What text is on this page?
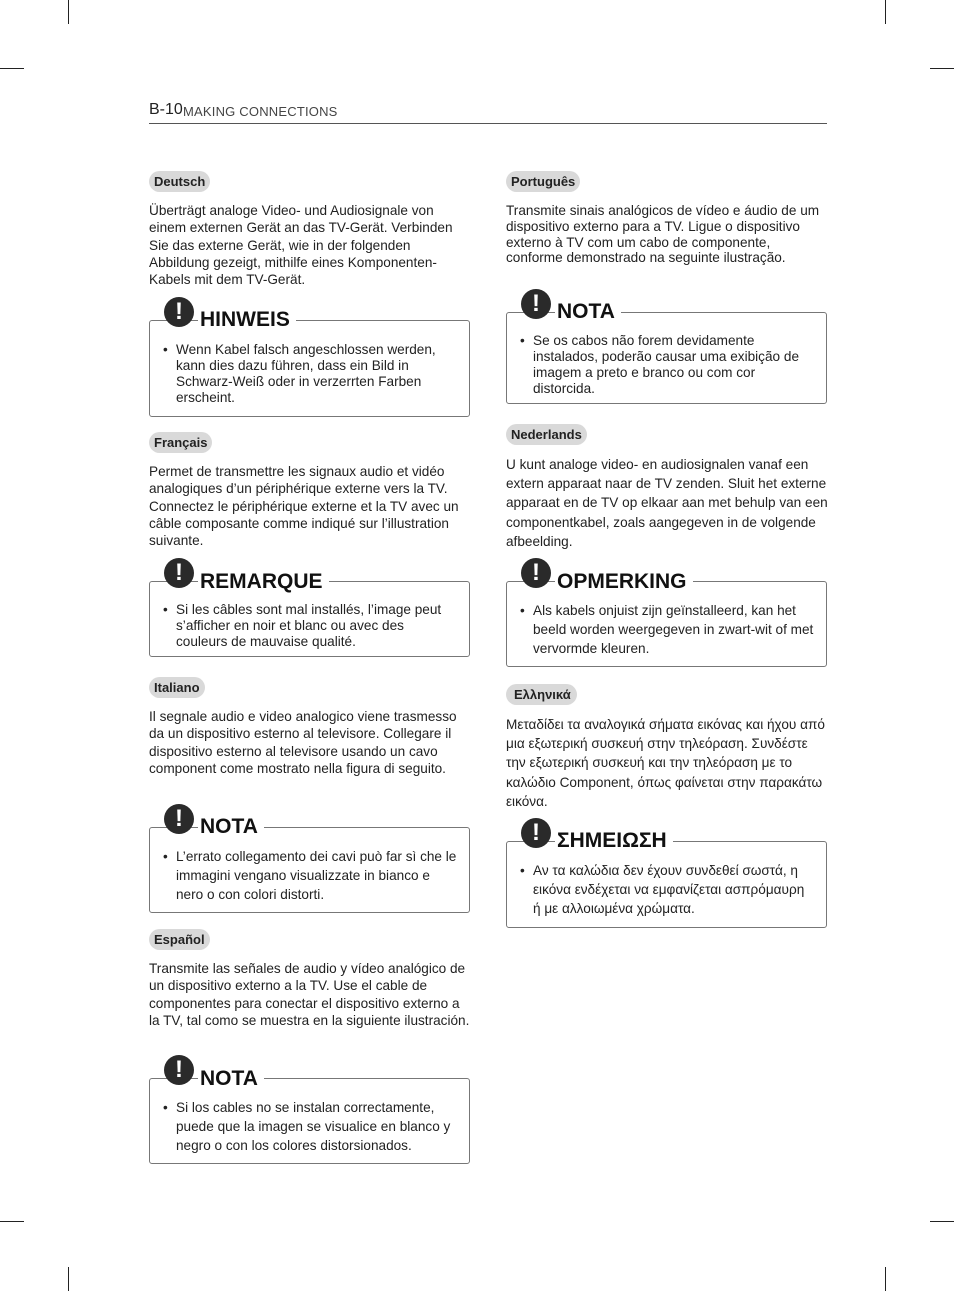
B-10 MAKING CONNECTIONS
Deutsch
Überträgt analoge Video- und Audiosignale von einem externen Gerät an das TV-Gerät. Verbinden Sie das externe Gerät, wie in der folgenden Abbildung gezeigt, mithilfe eines Komponenten-Kabels mit dem TV-Gerät.
! HINWEIS
• Wenn Kabel falsch angeschlossen werden, kann dies dazu führen, dass ein Bild in Schwarz-Weiß oder in verzerrten Farben erscheint.
Français
Permet de transmettre les signaux audio et vidéo analogiques d’un périphérique externe vers la TV. Connectez le périphérique externe et la TV avec un câble composante comme indiqué sur l’illustration suivante.
! REMARQUE
• Si les câbles sont mal installés, l’image peut s’afficher en noir et blanc ou avec des couleurs de mauvaise qualité.
Italiano
Il segnale audio e video analogico viene trasmesso da un dispositivo esterno al televisore. Collegare il dispositivo esterno al televisore usando un cavo component come mostrato nella figura di seguito.
! NOTA
• L’errato collegamento dei cavi può far sì che le immagini vengano visualizzate in bianco e nero o con colori distorti.
Español
Transmite las señales de audio y vídeo analógico de un dispositivo externo a la TV. Use el cable de componentes para conectar el dispositivo externo a la TV, tal como se muestra en la siguiente ilustración.
! NOTA
• Si los cables no se instalan correctamente, puede que la imagen se visualice en blanco y negro o con los colores distorsionados.
Português
Transmite sinais analógicos de vídeo e áudio de um dispositivo externo para a TV. Ligue o dispositivo externo à TV com um cabo de componente, conforme demonstrado na seguinte ilustração.
! NOTA
• Se os cabos não forem devidamente instalados, poderão causar uma exibição de imagem a preto e branco ou com cor distorcida.
Nederlands
U kunt analoge video- en audiosignalen vanaf een extern apparaat naar de TV zenden. Sluit het externe apparaat en de TV op elkaar aan met behulp van een componentkabel, zoals aangegeven in de volgende afbeelding.
! OPMERKING
• Als kabels onjuist zijn geïnstalleerd, kan het beeld worden weergegeven in zwart-wit of met vervormde kleuren.
Ελληνικά
Μεταδίδει τα αναλογικά σήματα εικόνας και ήχου από μια εξωτερική συσκευή στην τηλεόραση. Συνδέστε την εξωτερική συσκευή και την τηλεόραση με το καλώδιο Component, όπως φαίνεται στην παρακάτω εικόνα.
! ΣΗΜΕΙΩΣΗ
• Αν τα καλώδια δεν έχουν συνδεθεί σωστά, η εικόνα ενδέχεται να εμφανίζεται ασπρόμαυρη ή με αλλοιωμένα χρώματα.
